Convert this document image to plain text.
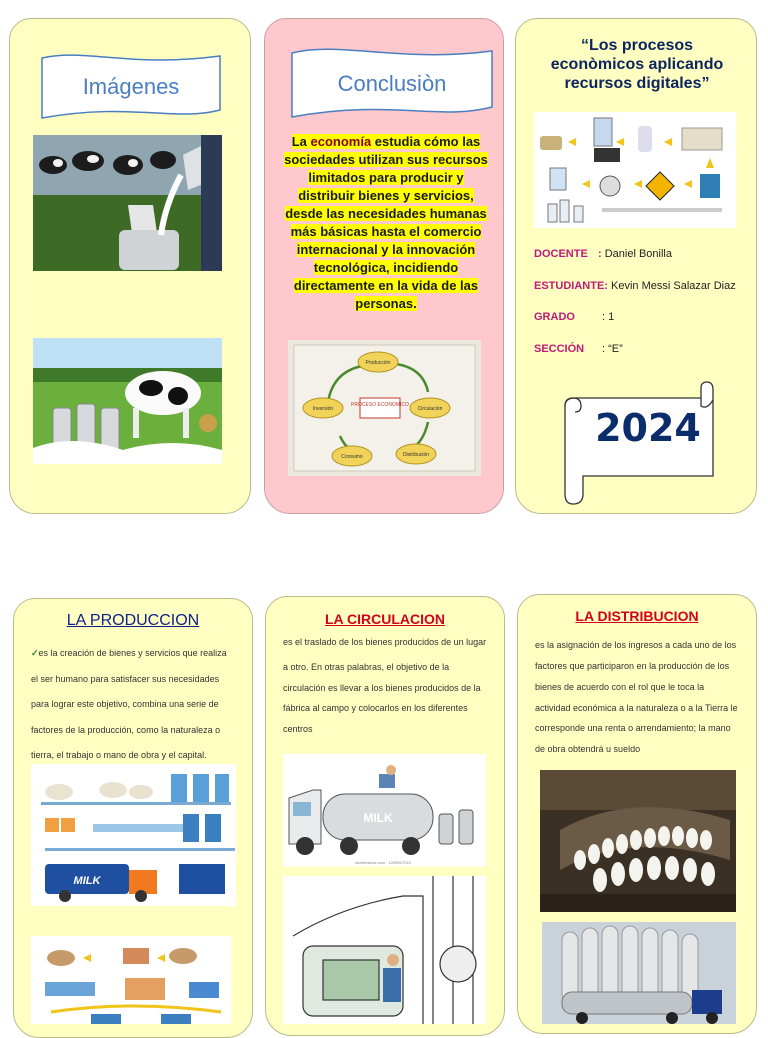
Imágenes	Conclusiòn
La economía estudia cómo las sociedades utilizan sus recursos limitados para producir y distribuir bienes y servicios, desde las necesidades humanas más básicas hasta el comercio internacional y la innovación tecnológica, incidiendo directamente en la vida de las personas.
PROCESO ECONOMICO
Producción
Circulación
Distribución
Consumo
Inversión
“Los procesos econòmicos aplicando recursos digitales”
DOCENTE : Daniel Bonilla
ESTUDIANTE: Kevin Messi Salazar Diaz
GRADO : 1
SECCIÓN : “E”
2024
LA PRODUCCION

✓es la creación de bienes y servicios que realiza

el ser humano para satisfacer sus necesidades

para lograr este objetivo, combina una serie de

factores de la producción, como la naturaleza o

tierra, el trabajo o mano de obra y el capital.

MILK
LA CIRCULACION

es el traslado de los bienes producidos de un lugar

a otro. En otras palabras, el objetivo de la

circulación es llevar a los bienes producidos de la

fábrica al campo y colocarlos en los diferentes

centros

MILK
shutterstock.com · 1285907023
LA DISTRIBUCION

es la asignación de los ingresos a cada uno de los

factores que participaron en la producción de los

bienes de acuerdo con el rol que le toca la

actividad económica a la naturaleza o a la Tierra le

corresponde una renta o arrendamiento; la mano

de obra obtendrá u sueldo
